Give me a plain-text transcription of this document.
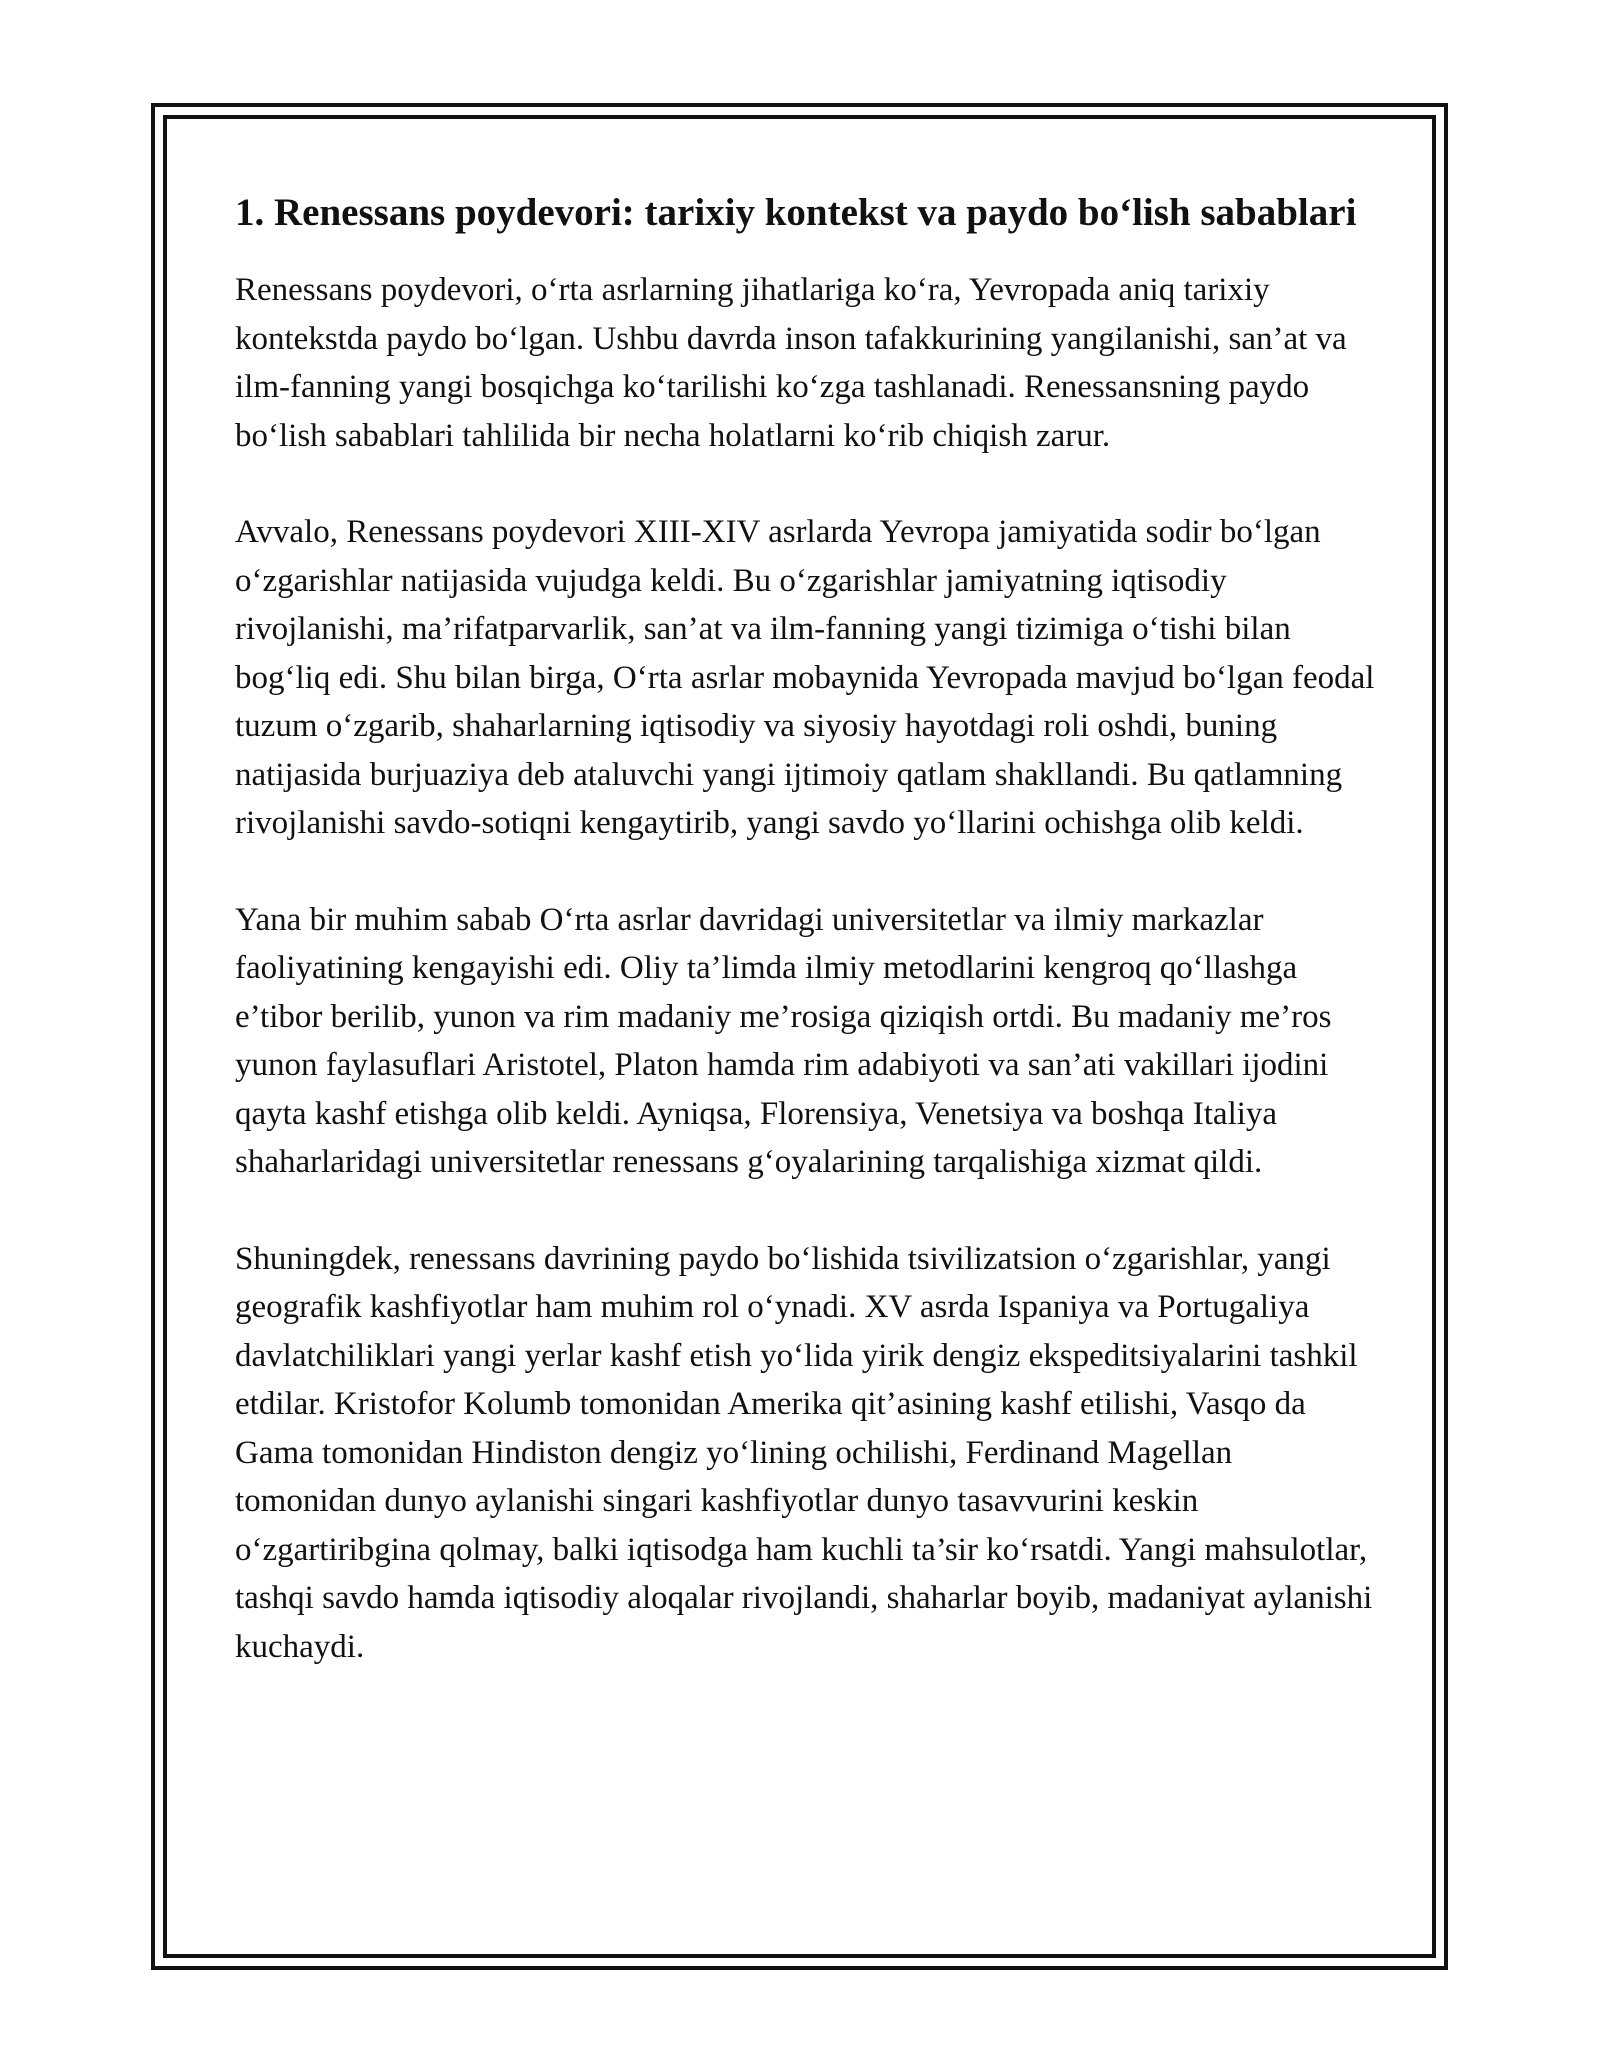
1. Renessans poydevori: tarixiy kontekst va paydo bo‘lish sabablari

Renessans poydevori, o‘rta asrlarning jihatlariga ko‘ra, Yevropada aniq tarixiy kontekstda paydo bo‘lgan. Ushbu davrda inson tafakkurining yangilanishi, san’at va ilm-fanning yangi bosqichga ko‘tarilishi ko‘zga tashlanadi. Renessansning paydo bo‘lish sabablari tahlilida bir necha holatlarni ko‘rib chiqish zarur.

Avvalo, Renessans poydevori XIII-XIV asrlarda Yevropa jamiyatida sodir bo‘lgan o‘zgarishlar natijasida vujudga keldi. Bu o‘zgarishlar jamiyatning iqtisodiy rivojlanishi, ma’rifatparvarlik, san’at va ilm-fanning yangi tizimiga o‘tishi bilan bog‘liq edi. Shu bilan birga, O‘rta asrlar mobaynida Yevropada mavjud bo‘lgan feodal tuzum o‘zgarib, shaharlarning iqtisodiy va siyosiy hayotdagi roli oshdi, buning natijasida burjuaziya deb ataluvchi yangi ijtimoiy qatlam shakllandi. Bu qatlamning rivojlanishi savdo-sotiqni kengaytirib, yangi savdo yo‘llarini ochishga olib keldi.

Yana bir muhim sabab O‘rta asrlar davridagi universitetlar va ilmiy markazlar faoliyatining kengayishi edi. Oliy ta’limda ilmiy metodlarini kengroq qo‘llashga e’tibor berilib, yunon va rim madaniy me’rosiga qiziqish ortdi. Bu madaniy me’ros yunon faylasuflari Aristotel, Platon hamda rim adabiyoti va san’ati vakillari ijodini qayta kashf etishga olib keldi. Ayniqsa, Florensiya, Venetsiya va boshqa Italiya shaharlaridagi universitetlar renessans g‘oyalarining tarqalishiga xizmat qildi.

Shuningdek, renessans davrining paydo bo‘lishida tsivilizatsion o‘zgarishlar, yangi geografik kashfiyotlar ham muhim rol o‘ynadi. XV asrda Ispaniya va Portugaliya davlatchiliklari yangi yerlar kashf etish yo‘lida yirik dengiz ekspeditsiyalarini tashkil etdilar. Kristofor Kolumb tomonidan Amerika qit’asining kashf etilishi, Vasqo da Gama tomonidan Hindiston dengiz yo‘lining ochilishi, Ferdinand Magellan tomonidan dunyo aylanishi singari kashfiyotlar dunyo tasavvurini keskin o‘zgartiribgina qolmay, balki iqtisodga ham kuchli ta’sir ko‘rsatdi. Yangi mahsulotlar, tashqi savdo hamda iqtisodiy aloqalar rivojlandi, shaharlar boyib, madaniyat aylanishi kuchaydi.
